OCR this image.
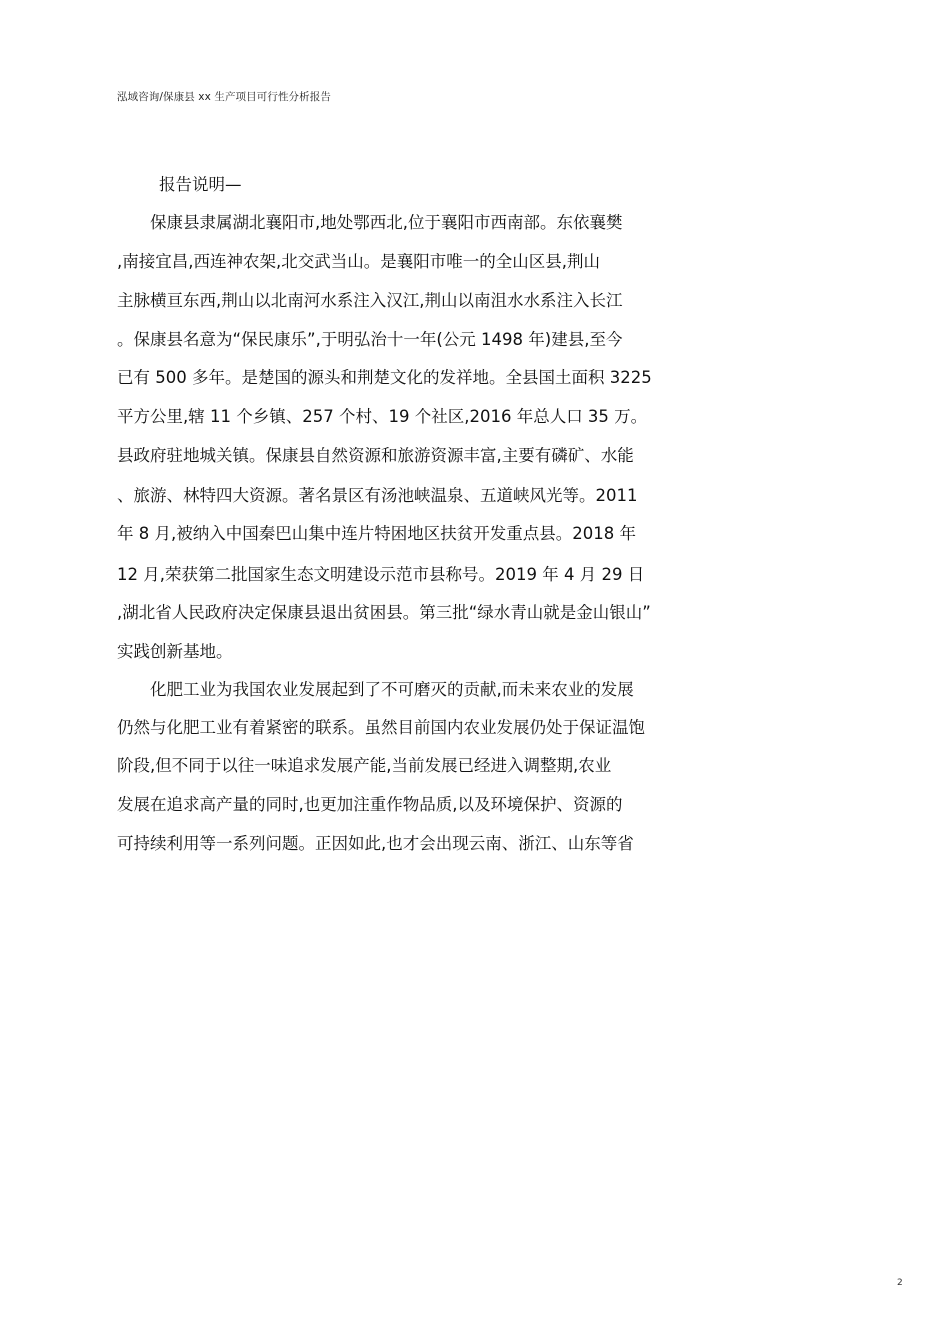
泓域咨询/保康县 xx 生产项目可行性分析报告
报告说明—
保康县隶属湖北襄阳市,地处鄂西北,位于襄阳市西南部。东依襄樊
,南接宜昌,西连神农架,北交武当山。是襄阳市唯一的全山区县,荆山
主脉横亘东西,荆山以北南河水系注入汉江,荆山以南沮水水系注入长江
。保康县名意为“保民康乐”,于明弘治十一年(公元 1498 年)建县,至今
已有 500 多年。是楚国的源头和荆楚文化的发祥地。全县国土面积 3225
平方公里,辖 11 个乡镇、257 个村、19 个社区,2016 年总人口 35 万。
县政府驻地城关镇。保康县自然资源和旅游资源丰富,主要有磷矿、水能
、旅游、林特四大资源。著名景区有汤池峡温泉、五道峡风光等。2011
年 8 月,被纳入中国秦巴山集中连片特困地区扶贫开发重点县。2018 年
12 月,荣获第二批国家生态文明建设示范市县称号。2019 年 4 月 29 日
,湖北省人民政府决定保康县退出贫困县。第三批“绿水青山就是金山银山”
实践创新基地。
化肥工业为我国农业发展起到了不可磨灭的贡献,而未来农业的发展
仍然与化肥工业有着紧密的联系。虽然目前国内农业发展仍处于保证温饱
阶段,但不同于以往一味追求发展产能,当前发展已经进入调整期,农业
发展在追求高产量的同时,也更加注重作物品质,以及环境保护、资源的
可持续利用等一系列问题。正因如此,也才会出现云南、浙江、山东等省
2
